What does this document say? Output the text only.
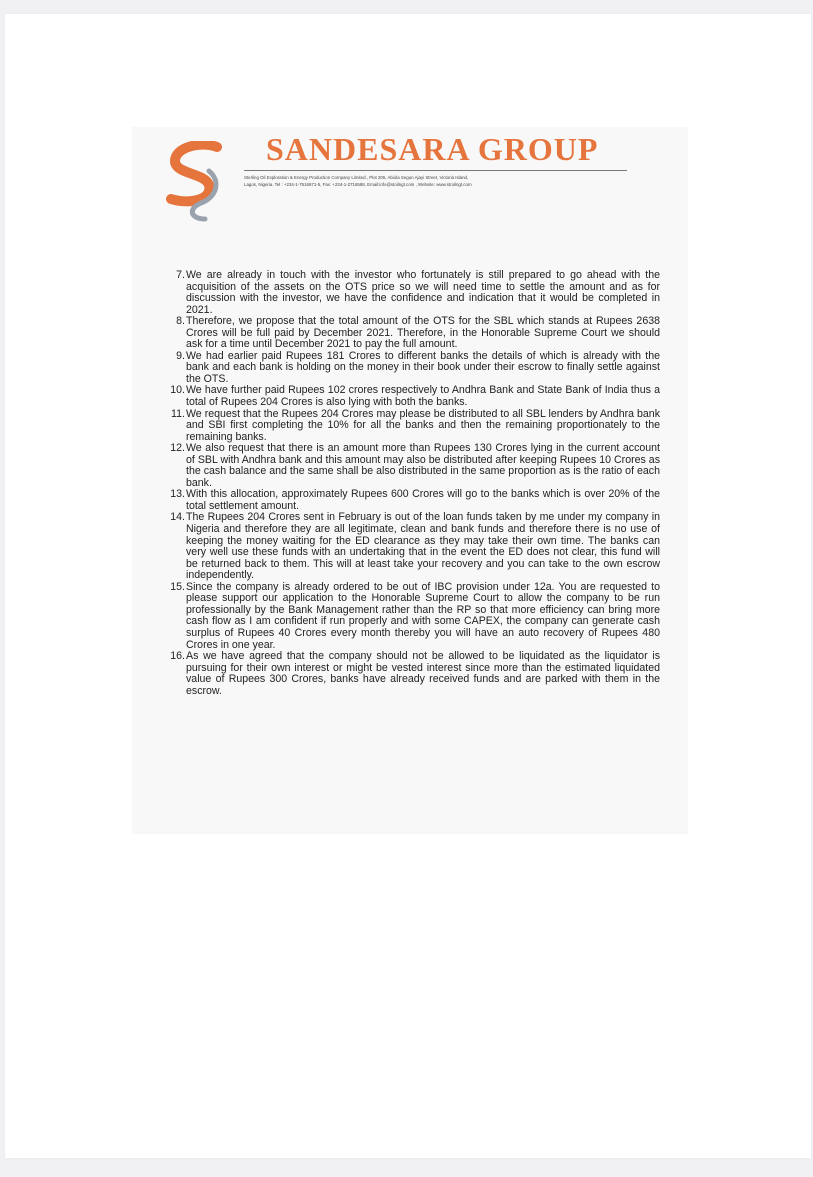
SANDESARA GROUP

Sterling Oil Exploration & Energy Production Company Limited., Plot 205, Abiola Segun Ajayi Street, Victoria Island,
Lagos, Nigeria. Tel : +234-1-7616671-5, Fax: +234-1-2716588, Email:info@stoilngt.com , Website: www.stroilngt.com

7. We are already in touch with the investor who fortunately is still prepared to go ahead with the acquisition of the assets on the OTS price so we will need time to settle the amount and as for discussion with the investor, we have the confidence and indication that it would be completed in 2021.
8. Therefore, we propose that the total amount of the OTS for the SBL which stands at Rupees 2638 Crores will be full paid by December 2021. Therefore, in the Honorable Supreme Court we should ask for a time until December 2021 to pay the full amount.
9. We had earlier paid Rupees 181 Crores to different banks the details of which is already with the bank and each bank is holding on the money in their book under their escrow to finally settle against the OTS.
10. We have further paid Rupees 102 crores respectively to Andhra Bank and State Bank of India thus a total of Rupees 204 Crores is also lying with both the banks.
11. We request that the Rupees 204 Crores may please be distributed to all SBL lenders by Andhra bank and SBI first completing the 10% for all the banks and then the remaining proportionately to the remaining banks.
12. We also request that there is an amount more than Rupees 130 Crores lying in the current account of SBL with Andhra bank and this amount may also be distributed after keeping Rupees 10 Crores as the cash balance and the same shall be also distributed in the same proportion as is the ratio of each bank.
13. With this allocation, approximately Rupees 600 Crores will go to the banks which is over 20% of the total settlement amount.
14. The Rupees 204 Crores sent in February is out of the loan funds taken by me under my company in Nigeria and therefore they are all legitimate, clean and bank funds and therefore there is no use of keeping the money waiting for the ED clearance as they may take their own time. The banks can very well use these funds with an undertaking that in the event the ED does not clear, this fund will be returned back to them. This will at least take your recovery and you can take to the own escrow independently.
15. Since the company is already ordered to be out of IBC provision under 12a. You are requested to please support our application to the Honorable Supreme Court to allow the company to be run professionally by the Bank Management rather than the RP so that more efficiency can bring more cash flow as I am confident if run properly and with some CAPEX, the company can generate cash surplus of Rupees 40 Crores every month thereby you will have an auto recovery of Rupees 480 Crores in one year.
16. As we have agreed that the company should not be allowed to be liquidated as the liquidator is pursuing for their own interest or might be vested interest since more than the estimated liquidated value of Rupees 300 Crores, banks have already received funds and are parked with them in the escrow.
